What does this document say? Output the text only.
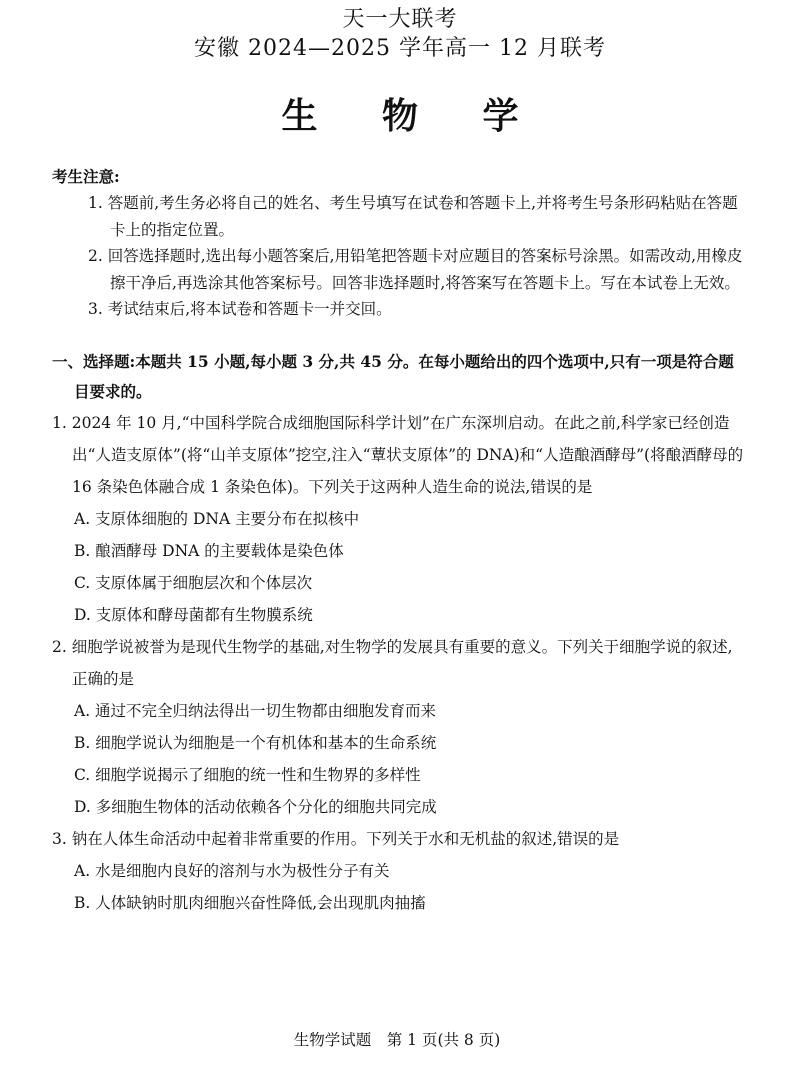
天一大联考
安徽 2024—2025 学年高一 12 月联考
生 物 学
考生注意:
1. 答题前,考生务必将自己的姓名、考生号填写在试卷和答题卡上,并将考生号条形码粘贴在答题卡上的指定位置。
2. 回答选择题时,选出每小题答案后,用铅笔把答题卡对应题目的答案标号涂黑。如需改动,用橡皮擦干净后,再选涂其他答案标号。回答非选择题时,将答案写在答题卡上。写在本试卷上无效。
3. 考试结束后,将本试卷和答题卡一并交回。
一、选择题:本题共 15 小题,每小题 3 分,共 45 分。在每小题给出的四个选项中,只有一项是符合题目要求的。
1. 2024 年 10 月,“中国科学院合成细胞国际科学计划”在广东深圳启动。在此之前,科学家已经创造出“人造支原体”(将“山羊支原体”挖空,注入“蕈状支原体”的 DNA)和“人造酿酒酵母”(将酿酒酵母的 16 条染色体融合成 1 条染色体)。下列关于这两种人造生命的说法,错误的是
A. 支原体细胞的 DNA 主要分布在拟核中
B. 酿酒酵母 DNA 的主要载体是染色体
C. 支原体属于细胞层次和个体层次
D. 支原体和酵母菌都有生物膜系统
2. 细胞学说被誉为是现代生物学的基础,对生物学的发展具有重要的意义。下列关于细胞学说的叙述,正确的是
A. 通过不完全归纳法得出一切生物都由细胞发育而来
B. 细胞学说认为细胞是一个有机体和基本的生命系统
C. 细胞学说揭示了细胞的统一性和生物界的多样性
D. 多细胞生物体的活动依赖各个分化的细胞共同完成
3. 钠在人体生命活动中起着非常重要的作用。下列关于水和无机盐的叙述,错误的是
A. 水是细胞内良好的溶剂与水为极性分子有关
B. 人体缺钠时肌肉细胞兴奋性降低,会出现肌肉抽搐
生物学试题　第 1 页(共 8 页)
